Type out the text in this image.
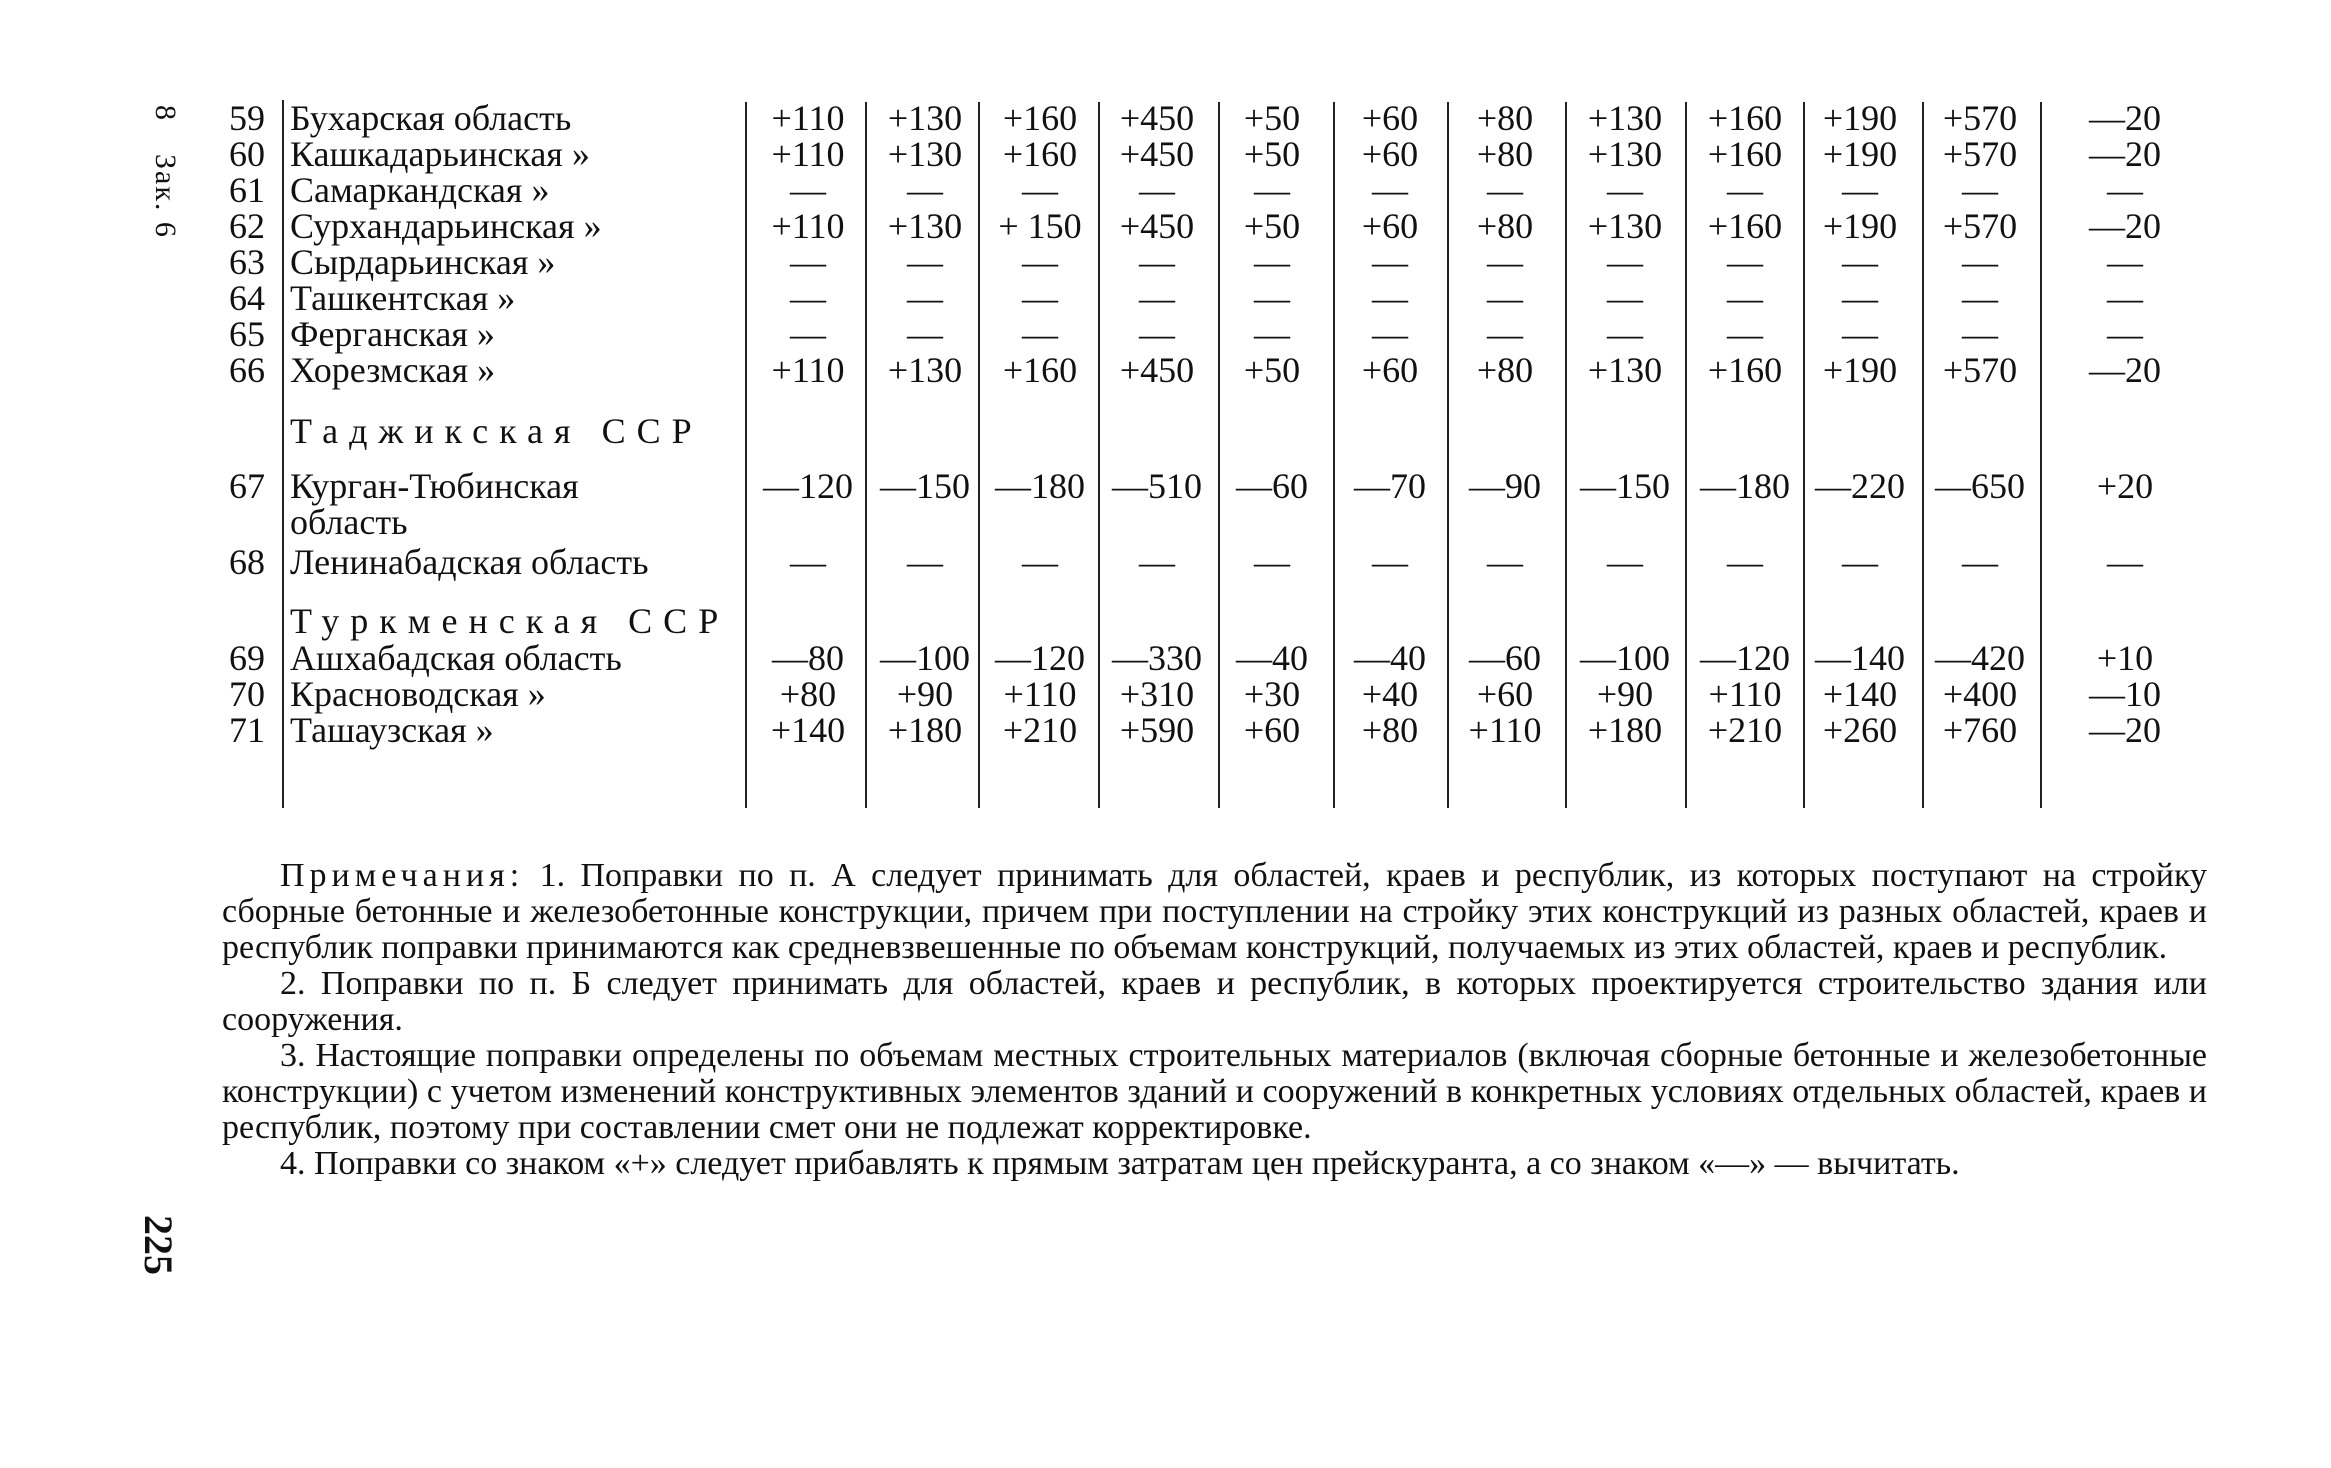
8 Зак. 6
225
59 Бухарская область	+110	+130	+160	+450	+50	+60	+80	+130	+160	+190	+570	—20
60 Кашкадарьинская »	+110	+130	+160	+450	+50	+60	+80	+130	+160	+190	+570	—20
61 Самаркандская »	—	—	—	—	—	—	—	—	—	—	—	—
62 Сурхандарьинская »	+110	+130	+ 150	+450	+50	+60	+80	+130	+160	+190	+570	—20
63 Сырдарьинская »	—	—	—	—	—	—	—	—	—	—	—	—
64 Ташкентская »	—	—	—	—	—	—	—	—	—	—	—	—
65 Ферганская »	—	—	—	—	—	—	—	—	—	—	—	—
66 Хорезмская »	+110	+130	+160	+450	+50	+60	+80	+130	+160	+190	+570	—20
Таджикская ССР
67 Курган-Тюбинская
область
—120 —150 —180 —510 —60	—70	—90	—150 —180 —220 —650	+20
68 Ленинабадская область	—	—	—	—	—	—	—	—	—	—	—	—
Туркменская ССР
69 Ашхабадская область	—80	—100 —120 —330 —40	—40	—60	—100 —120 —140 —420	+10
70 Красноводская »	+80	+90	+110	+310	+30	+40	+60	+90	+110	+140	+400	—10
71 Ташаузская »	+140	+180	+210	+590	+60	+80	+110	+180	+210	+260	+760	—20

Примечания: 1. Поправки по п. А следует принимать для областей, краев и республик, из которых поступают на стройку сборные бетонные и железобетонные конструкции, причем при поступлении на стройку этих конструкций из разных областей, краев и республик поправки принимаются как средневзвешенные по объемам конструкций, получаемых из этих областей, краев и республик.

2. Поправки по п. Б следует принимать для областей, краев и республик, в которых проектируется строительство здания или сооружения.

3. Настоящие поправки определены по объемам местных строительных материалов (включая сборные бетонные и железобетонные конструкции) с учетом изменений конструктивных элементов зданий и сооружений в конкретных условиях отдельных областей, краев и республик, поэтому при составлении смет они не подлежат корректировке.

4. Поправки со знаком «+» следует прибавлять к прямым затратам цен прейскуранта, а со знаком «—» — вычитать.
